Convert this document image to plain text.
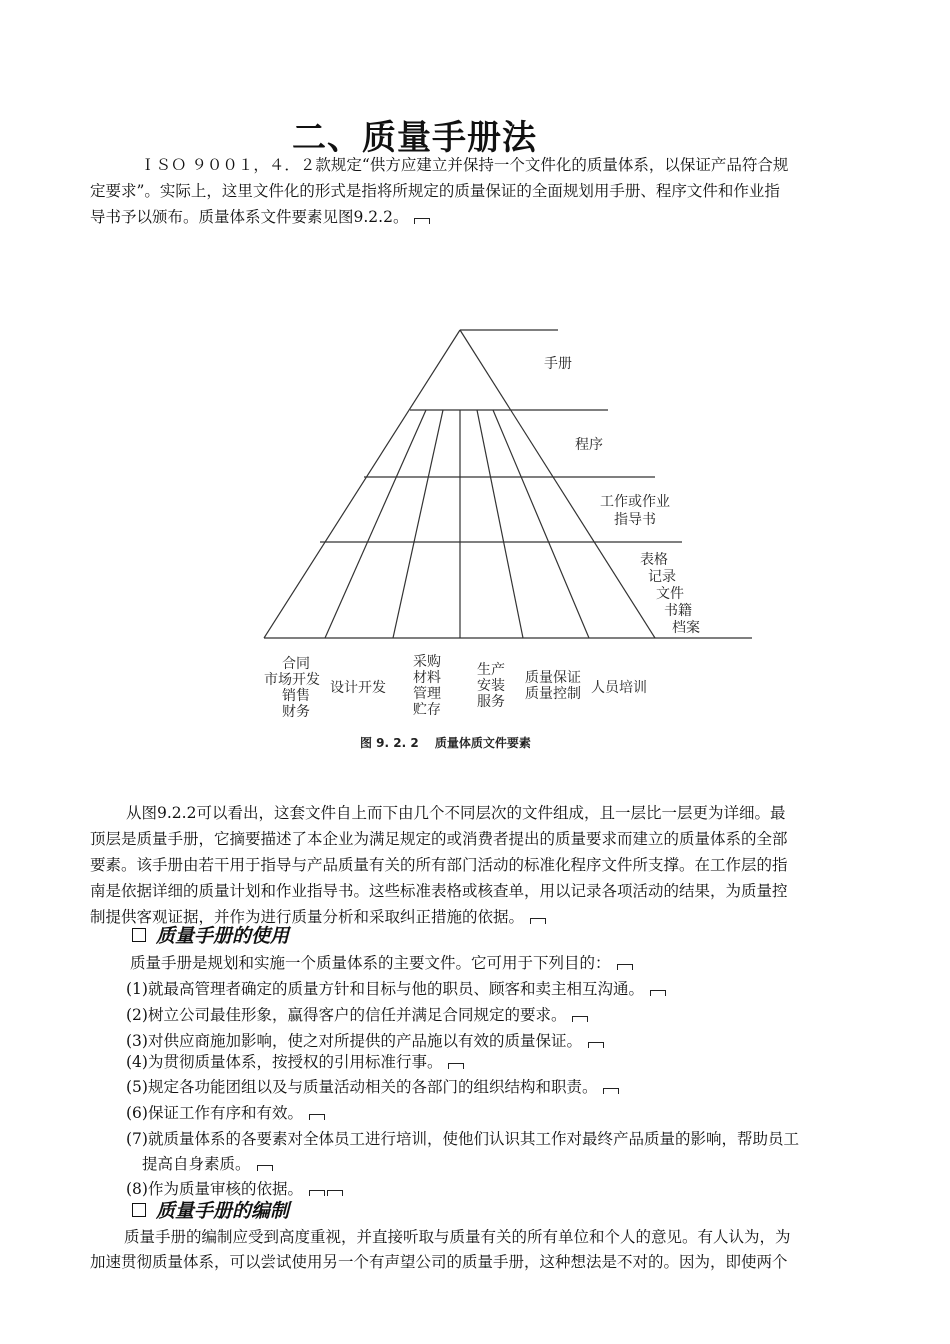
二、质量手册法
ＩＳＯ ９００１，４．２款规定“供方应建立并保持一个文件化的质量体系，以保证产品符合规
定要求”。实际上，这里文件化的形式是指将所规定的质量保证的全面规划用手册、程序文件和作业指
导书予以颁布。质量体系文件要素见图9.2.2。
手册
程序
工作或作业
指导书
表格
记录
文件
书籍
档案
合同
市场开发
销售
财务
设计开发
采购
材料
管理
贮存
生产
安装
服务
质量保证
质量控制 人员培训
图 9. 2. 2　 质量体质文件要素
从图9.2.2可以看出，这套文件自上而下由几个不同层次的文件组成，且一层比一层更为详细。最
顶层是质量手册，它摘要描述了本企业为满足规定的或消费者提出的质量要求而建立的质量体系的全部
要素。该手册由若干用于指导与产品质量有关的所有部门活动的标准化程序文件所支撑。在工作层的指
南是依据详细的质量计划和作业指导书。这些标准表格或核查单，用以记录各项活动的结果，为质量控
制提供客观证据，并作为进行质量分析和采取纠正措施的依据。
质量手册的使用
质量手册是规划和实施一个质量体系的主要文件。它可用于下列目的：
(1)就最高管理者确定的质量方针和目标与他的职员、顾客和卖主相互沟通。
(2)树立公司最佳形象，赢得客户的信任并满足合同规定的要求。
(3)对供应商施加影响，使之对所提供的产品施以有效的质量保证。
(4)为贯彻质量体系，按授权的引用标准行事。
(5)规定各功能团组以及与质量活动相关的各部门的组织结构和职责。
(6)保证工作有序和有效。
(7)就质量体系的各要素对全体员工进行培训，使他们认识其工作对最终产品质量的影响，帮助员工
提高自身素质。
(8)作为质量审核的依据。
质量手册的编制
质量手册的编制应受到高度重视，并直接听取与质量有关的所有单位和个人的意见。有人认为，为
加速贯彻质量体系，可以尝试使用另一个有声望公司的质量手册，这种想法是不对的。因为，即使两个
